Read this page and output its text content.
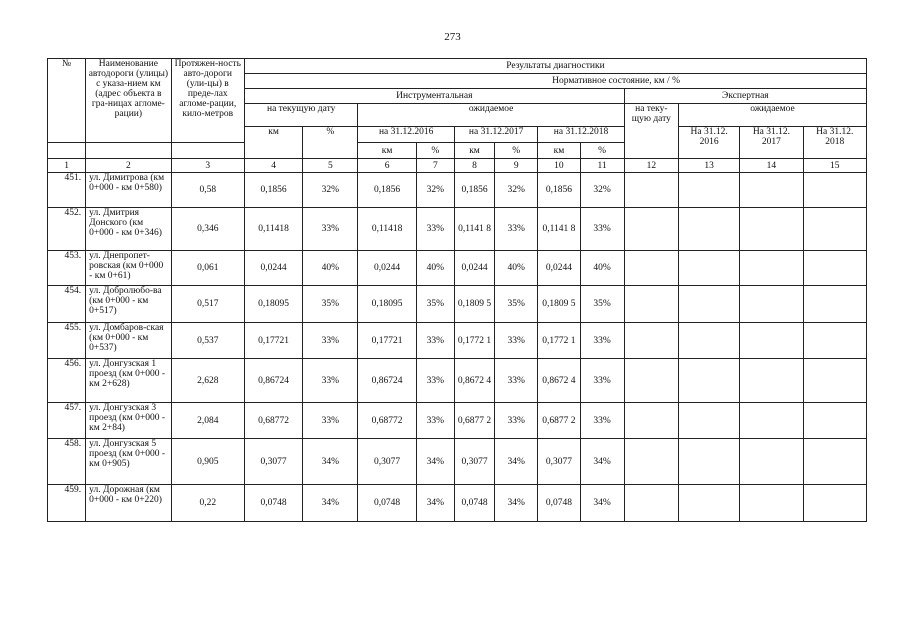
273
№	Наименование автодороги (улицы) с указа-нием км (адрес объекта в гра-ницах агломе-рации)	Протяжен-ность авто-дороги (ули-цы) в преде-лах агломе-рации, кило-метров	Результаты диагностики											
			Нормативное состояние, км / %											
			Инструментальная								Экспертная			
			на текущую дату		ожидаемое						на теку-щую дату	ожидаемое		
			км	%	на 31.12.2016		на 31.12.2017		на 31.12.2018			На 31.12. 2016	На 31.12. 2017	На 31.12. 2018
					км	%	км	%	км	%				
1	2	3	4	5	6	7	8	9	10	11	12	13	14	15
451.	ул. Димитрова (км 0+000 - км 0+580)	0,58	0,1856	32%	0,1856	32%	0,1856	32%	0,1856	32%				
452.	ул. Дмитрия Донского (км 0+000 - км 0+346)	0,346	0,11418	33%	0,11418	33%	0,1141 8	33%	0,1141 8	33%				
453.	ул. Днепропет-ровская (км 0+000 - км 0+61)	0,061	0,0244	40%	0,0244	40%	0,0244	40%	0,0244	40%				
454.	ул. Добролюбо-ва (км 0+000 - км 0+517)	0,517	0,18095	35%	0,18095	35%	0,1809 5	35%	0,1809 5	35%				
455.	ул. Домбаров-ская (км 0+000 - км 0+537)	0,537	0,17721	33%	0,17721	33%	0,1772 1	33%	0,1772 1	33%				
456.	ул. Донгузская 1 проезд (км 0+000 - км 2+628)	2,628	0,86724	33%	0,86724	33%	0,8672 4	33%	0,8672 4	33%				
457.	ул. Донгузская 3 проезд (км 0+000 - км 2+84)	2,084	0,68772	33%	0,68772	33%	0,6877 2	33%	0,6877 2	33%				
458.	ул. Донгузская 5 проезд (км 0+000 - км 0+905)	0,905	0,3077	34%	0,3077	34%	0,3077	34%	0,3077	34%				
459.	ул. Дорожная (км 0+000 - км 0+220)	0,22	0,0748	34%	0,0748	34%	0,0748	34%	0,0748	34%				
